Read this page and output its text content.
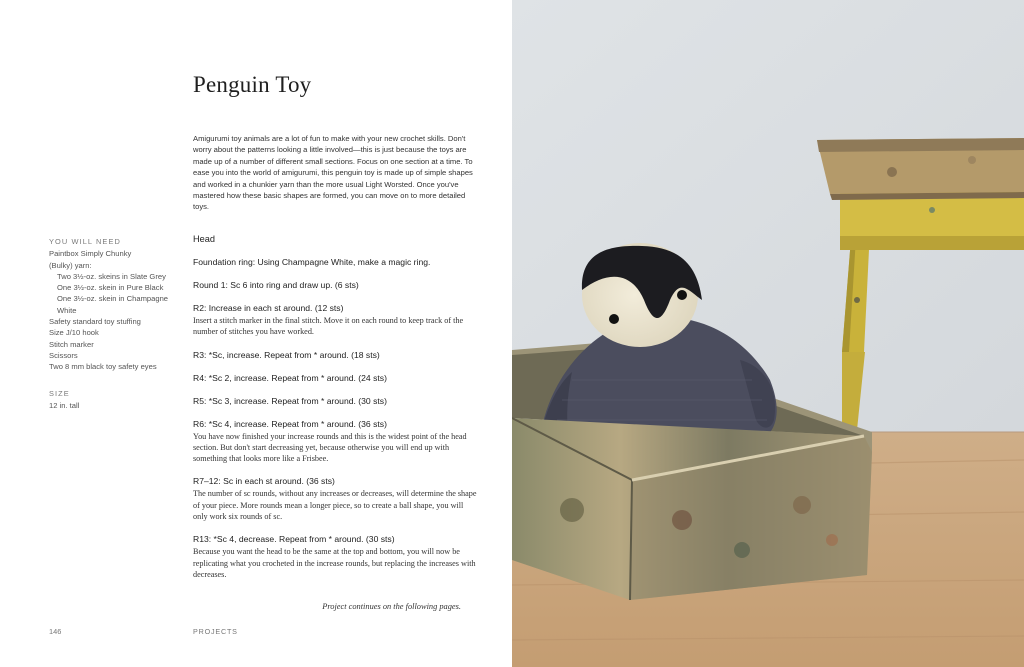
Penguin Toy

Amigurumi toy animals are a lot of fun to make with your new crochet skills. Don't worry about the patterns looking a little involved—this is just because the toys are made up of a number of different small sections. Focus on one section at a time. To ease you into the world of amigurumi, this penguin toy is made up of simple shapes and worked in a chunkier yarn than the more usual Light Worsted. Once you've mastered how these basic shapes are formed, you can move on to more detailed toys.

YOU WILL NEED

Paintbox Simply Chunky

(Bulky) yarn:

Two 3½-oz. skeins in Slate Grey

One 3½-oz. skein in Pure Black

One 3½-oz. skein in Champagne White

Safety standard toy stuffing

Size J/10 hook

Stitch marker

Scissors

Two 8 mm black toy safety eyes

SIZE

12 in. tall

Head

Foundation ring: Using Champagne White, make a magic ring.

Round 1: Sc 6 into ring and draw up. (6 sts)

R2: Increase in each st around. (12 sts)

Insert a stitch marker in the final stitch. Move it on each round to keep track of the number of stitches you have worked.

R3: *Sc, increase. Repeat from * around. (18 sts)

R4: *Sc 2, increase. Repeat from * around. (24 sts)

R5: *Sc 3, increase. Repeat from * around. (30 sts)

R6: *Sc 4, increase. Repeat from * around. (36 sts)

You have now finished your increase rounds and this is the widest point of the head section. But don't start decreasing yet, because otherwise you will end up with something that looks more like a Frisbee.

R7–12: Sc in each st around. (36 sts)

The number of sc rounds, without any increases or decreases, will determine the shape of your piece. More rounds mean a longer piece, so to create a ball shape, you will only work six rounds of sc.

R13: *Sc 4, decrease. Repeat from * around. (30 sts)

Because you want the head to be the same at the top and bottom, you will now be replicating what you crocheted in the increase rounds, but replacing the increases with decreases.

Project continues on the following pages.

146	PROJECTS
